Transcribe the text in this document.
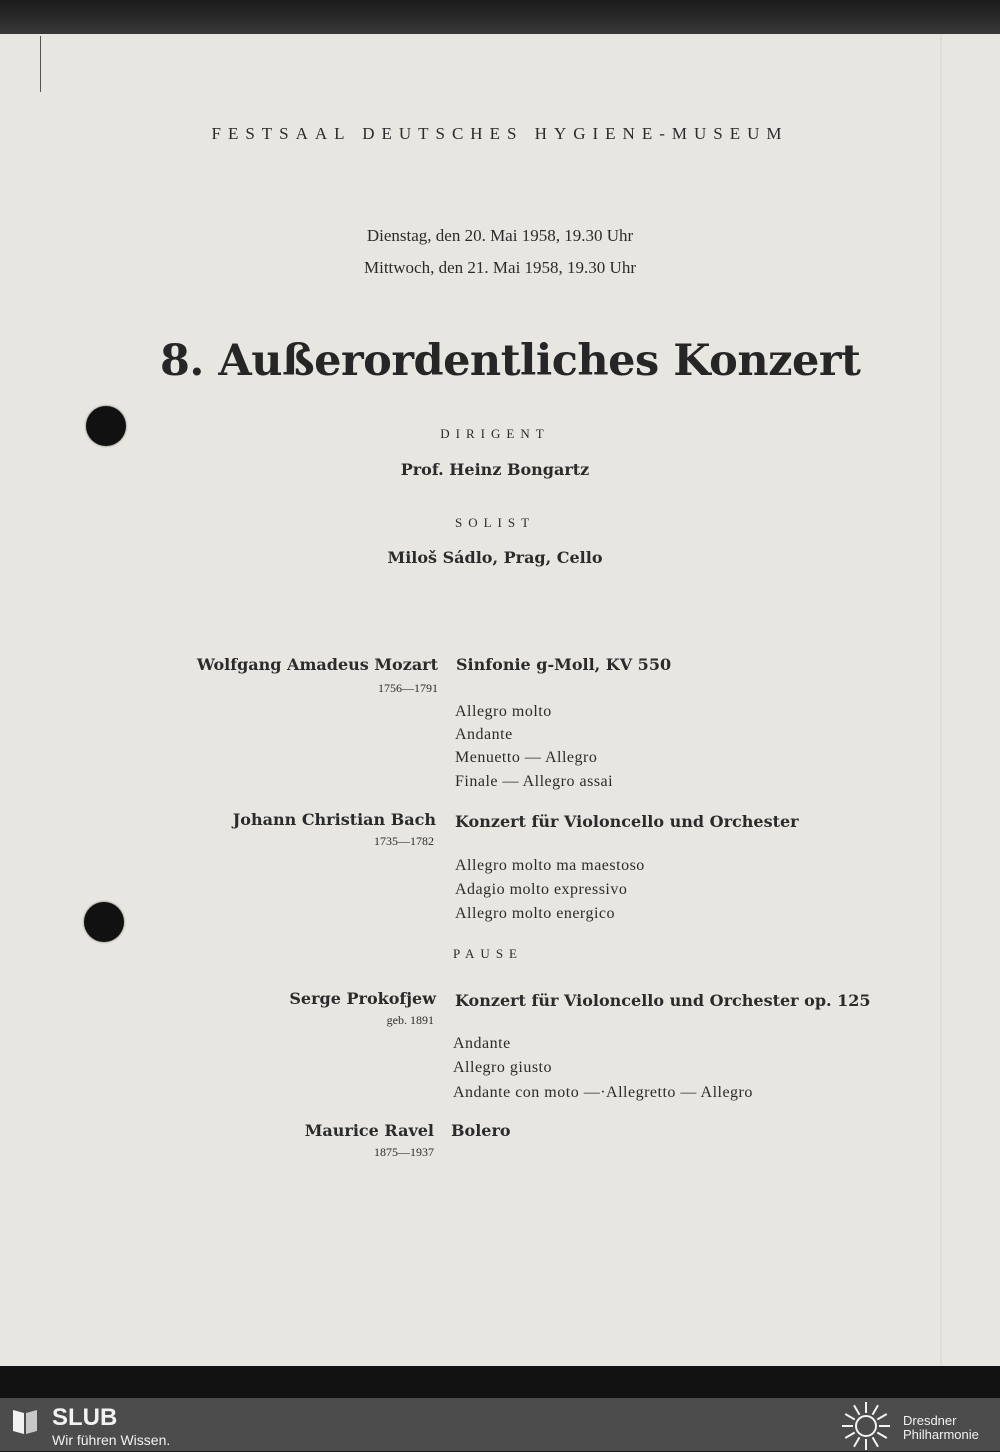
FESTSAAL DEUTSCHES HYGIENE-MUSEUM
Dienstag, den 20. Mai 1958, 19.30 Uhr
Mittwoch, den 21. Mai 1958, 19.30 Uhr
8. Außerordentliches Konzert
DIRIGENT
Prof. Heinz Bongartz
SOLIST
Miloš Sádlo, Prag, Cello
Wolfgang Amadeus Mozart
1756—1791
Sinfonie g-Moll, KV 550
Allegro molto
Andante
Menuetto — Allegro
Finale — Allegro assai
Johann Christian Bach
1735—1782
Konzert für Violoncello und Orchester
Allegro molto ma maestoso
Adagio molto expressivo
Allegro molto energico
PAUSE
Serge Prokofjew
geb. 1891
Konzert für Violoncello und Orchester op. 125
Andante
Allegro giusto
Andante con moto —·Allegretto — Allegro
Maurice Ravel
1875—1937
Bolero
SLUB
Wir führen Wissen.
Dresdner
Philharmonie
